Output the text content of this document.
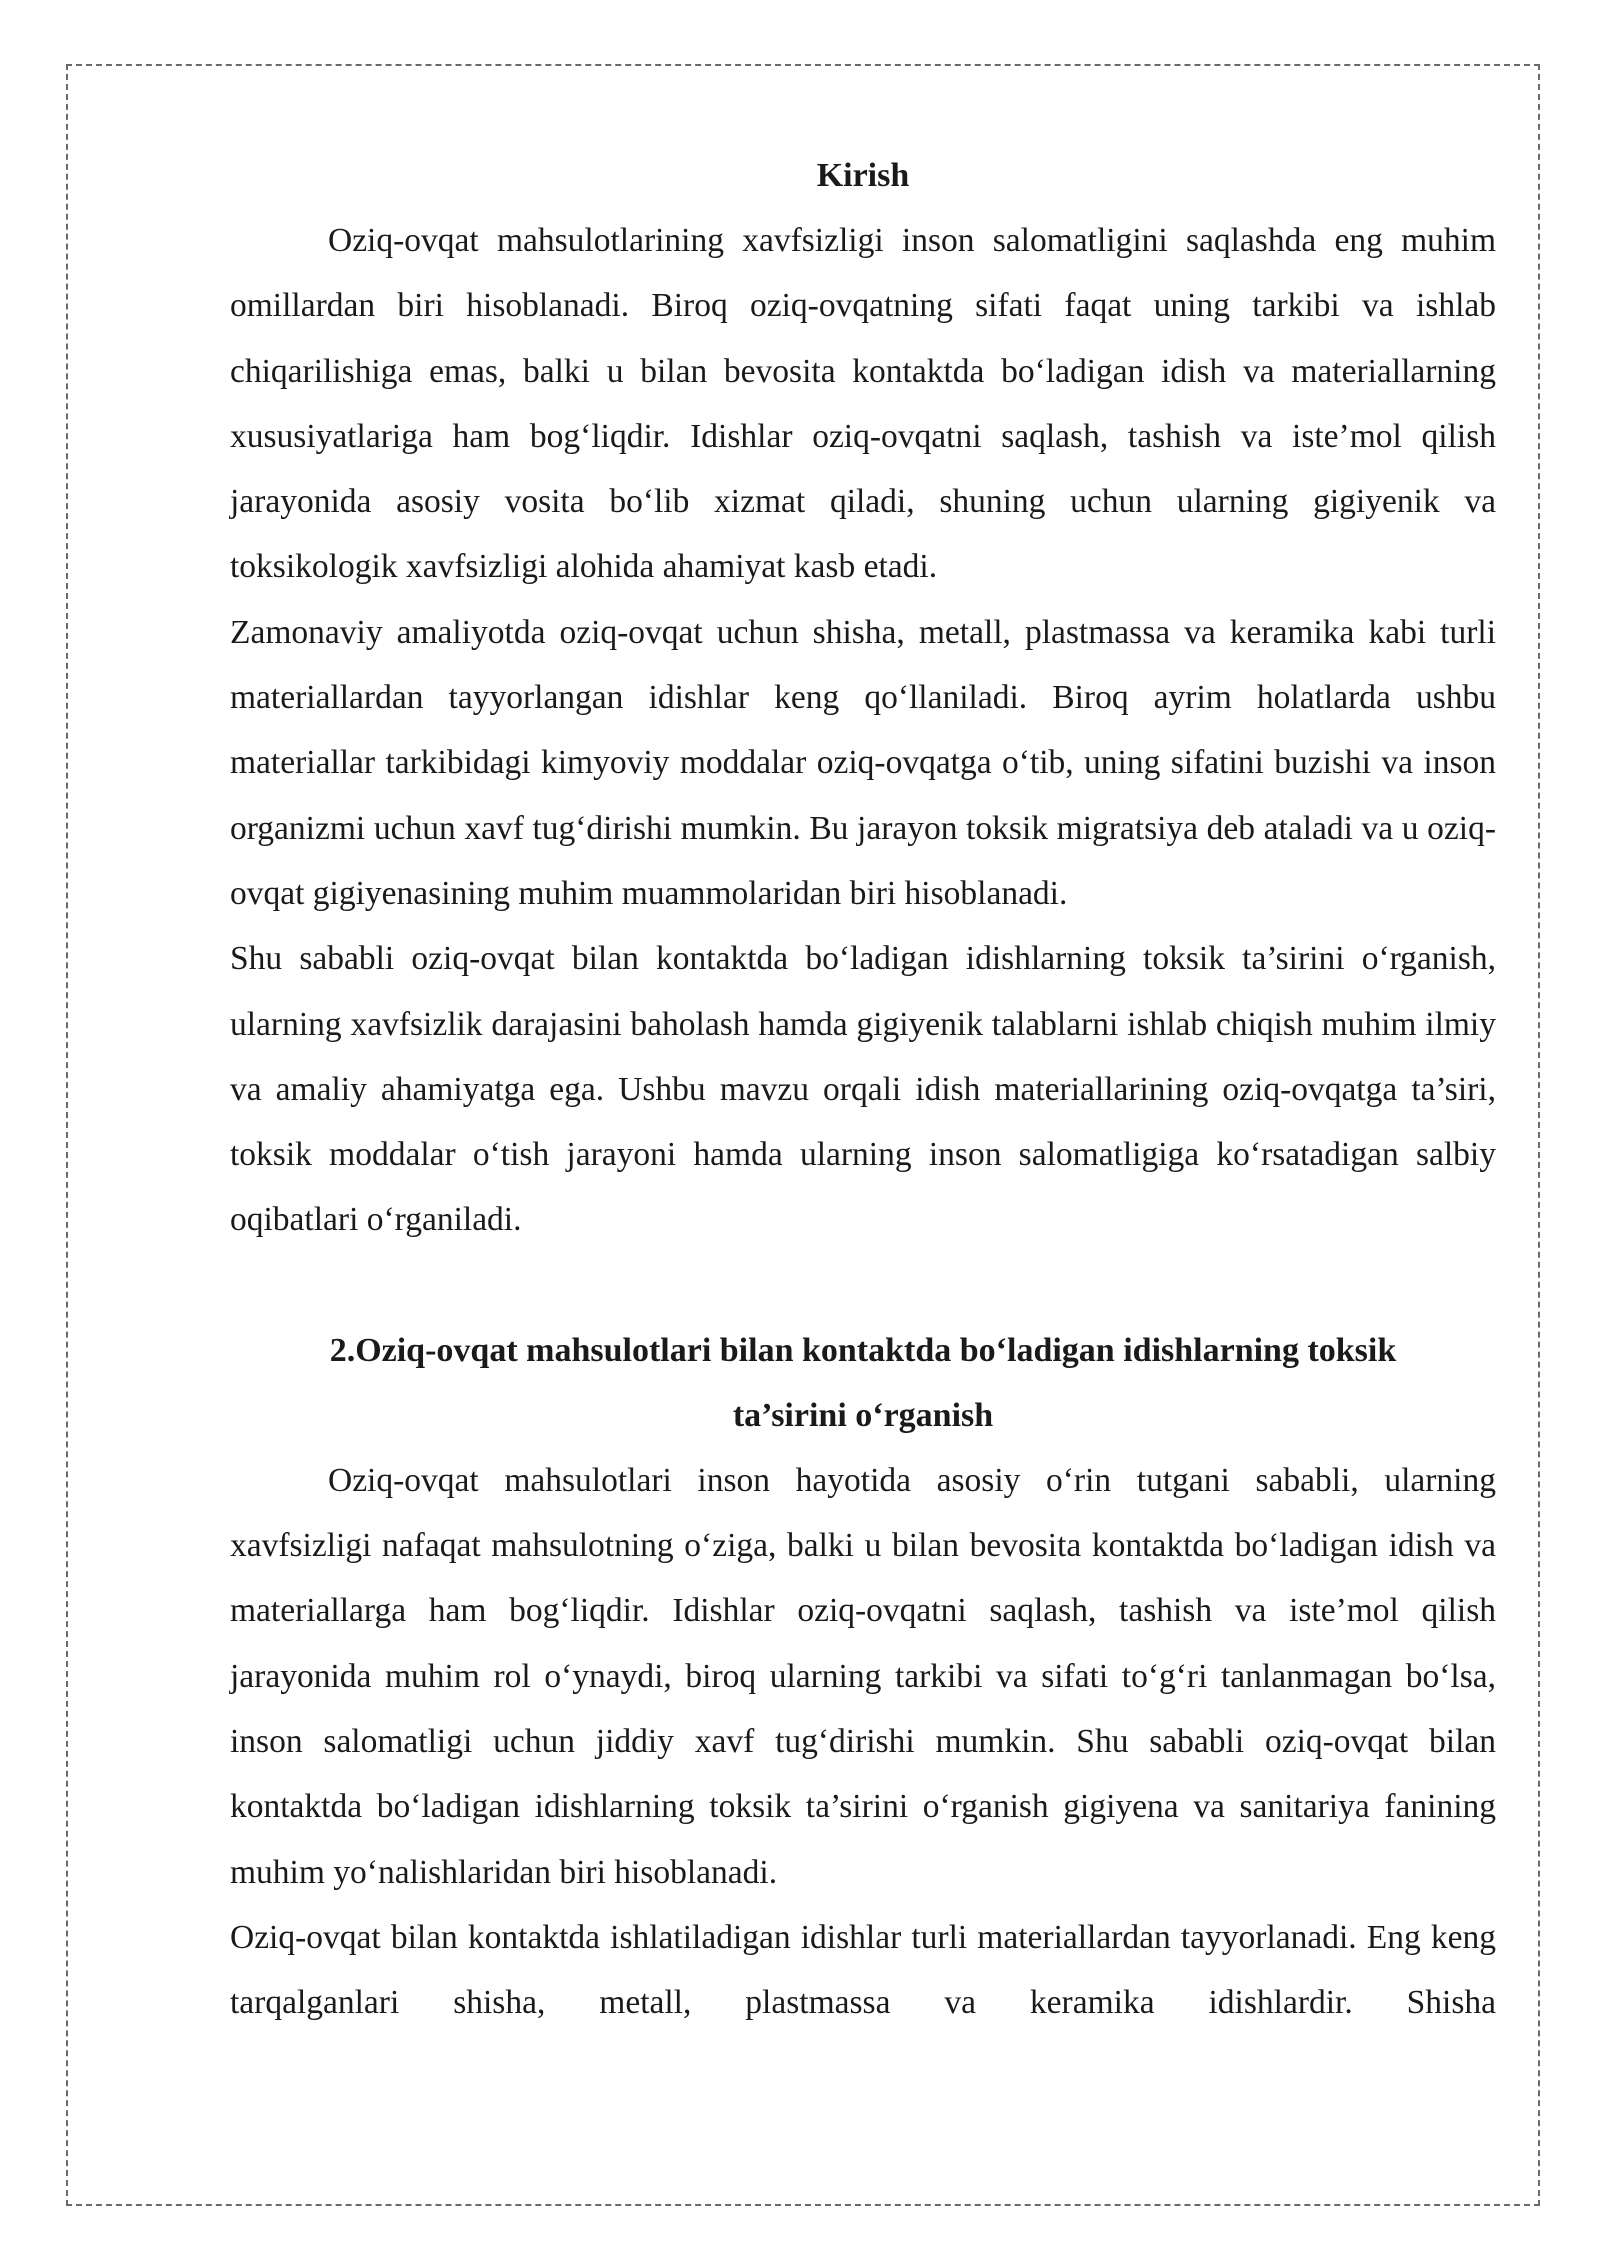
Kirish

Oziq-ovqat mahsulotlarining xavfsizligi inson salomatligini saqlashda eng muhim omillardan biri hisoblanadi. Biroq oziq-ovqatning sifati faqat uning tarkibi va ishlab chiqarilishiga emas, balki u bilan bevosita kontaktda bo‘ladigan idish va materiallarning xususiyatlariga ham bog‘liqdir. Idishlar oziq-ovqatni saqlash, tashish va iste’mol qilish jarayonida asosiy vosita bo‘lib xizmat qiladi, shuning uchun ularning gigiyenik va toksikologik xavfsizligi alohida ahamiyat kasb etadi.

Zamonaviy amaliyotda oziq-ovqat uchun shisha, metall, plastmassa va keramika kabi turli materiallardan tayyorlangan idishlar keng qo‘llaniladi. Biroq ayrim holatlarda ushbu materiallar tarkibidagi kimyoviy moddalar oziq-ovqatga o‘tib, uning sifatini buzishi va inson organizmi uchun xavf tug‘dirishi mumkin. Bu jarayon toksik migratsiya deb ataladi va u oziq-ovqat gigiyenasining muhim muammolaridan biri hisoblanadi.

Shu sababli oziq-ovqat bilan kontaktda bo‘ladigan idishlarning toksik ta’sirini o‘rganish, ularning xavfsizlik darajasini baholash hamda gigiyenik talablarni ishlab chiqish muhim ilmiy va amaliy ahamiyatga ega. Ushbu mavzu orqali idish materiallarining oziq-ovqatga ta’siri, toksik moddalar o‘tish jarayoni hamda ularning inson salomatligiga ko‘rsatadigan salbiy oqibatlari o‘rganiladi.

2.Oziq-ovqat mahsulotlari bilan kontaktda bo‘ladigan idishlarning toksik
ta’sirini o‘rganish

Oziq-ovqat mahsulotlari inson hayotida asosiy o‘rin tutgani sababli, ularning xavfsizligi nafaqat mahsulotning o‘ziga, balki u bilan bevosita kontaktda bo‘ladigan idish va materiallarga ham bog‘liqdir. Idishlar oziq-ovqatni saqlash, tashish va iste’mol qilish jarayonida muhim rol o‘ynaydi, biroq ularning tarkibi va sifati to‘g‘ri tanlanmagan bo‘lsa, inson salomatligi uchun jiddiy xavf tug‘dirishi mumkin. Shu sababli oziq-ovqat bilan kontaktda bo‘ladigan idishlarning toksik ta’sirini o‘rganish gigiyena va sanitariya fanining muhim yo‘nalishlaridan biri hisoblanadi.

Oziq-ovqat bilan kontaktda ishlatiladigan idishlar turli materiallardan tayyorlanadi. Eng keng tarqalganlari shisha, metall, plastmassa va keramika idishlardir. Shisha
